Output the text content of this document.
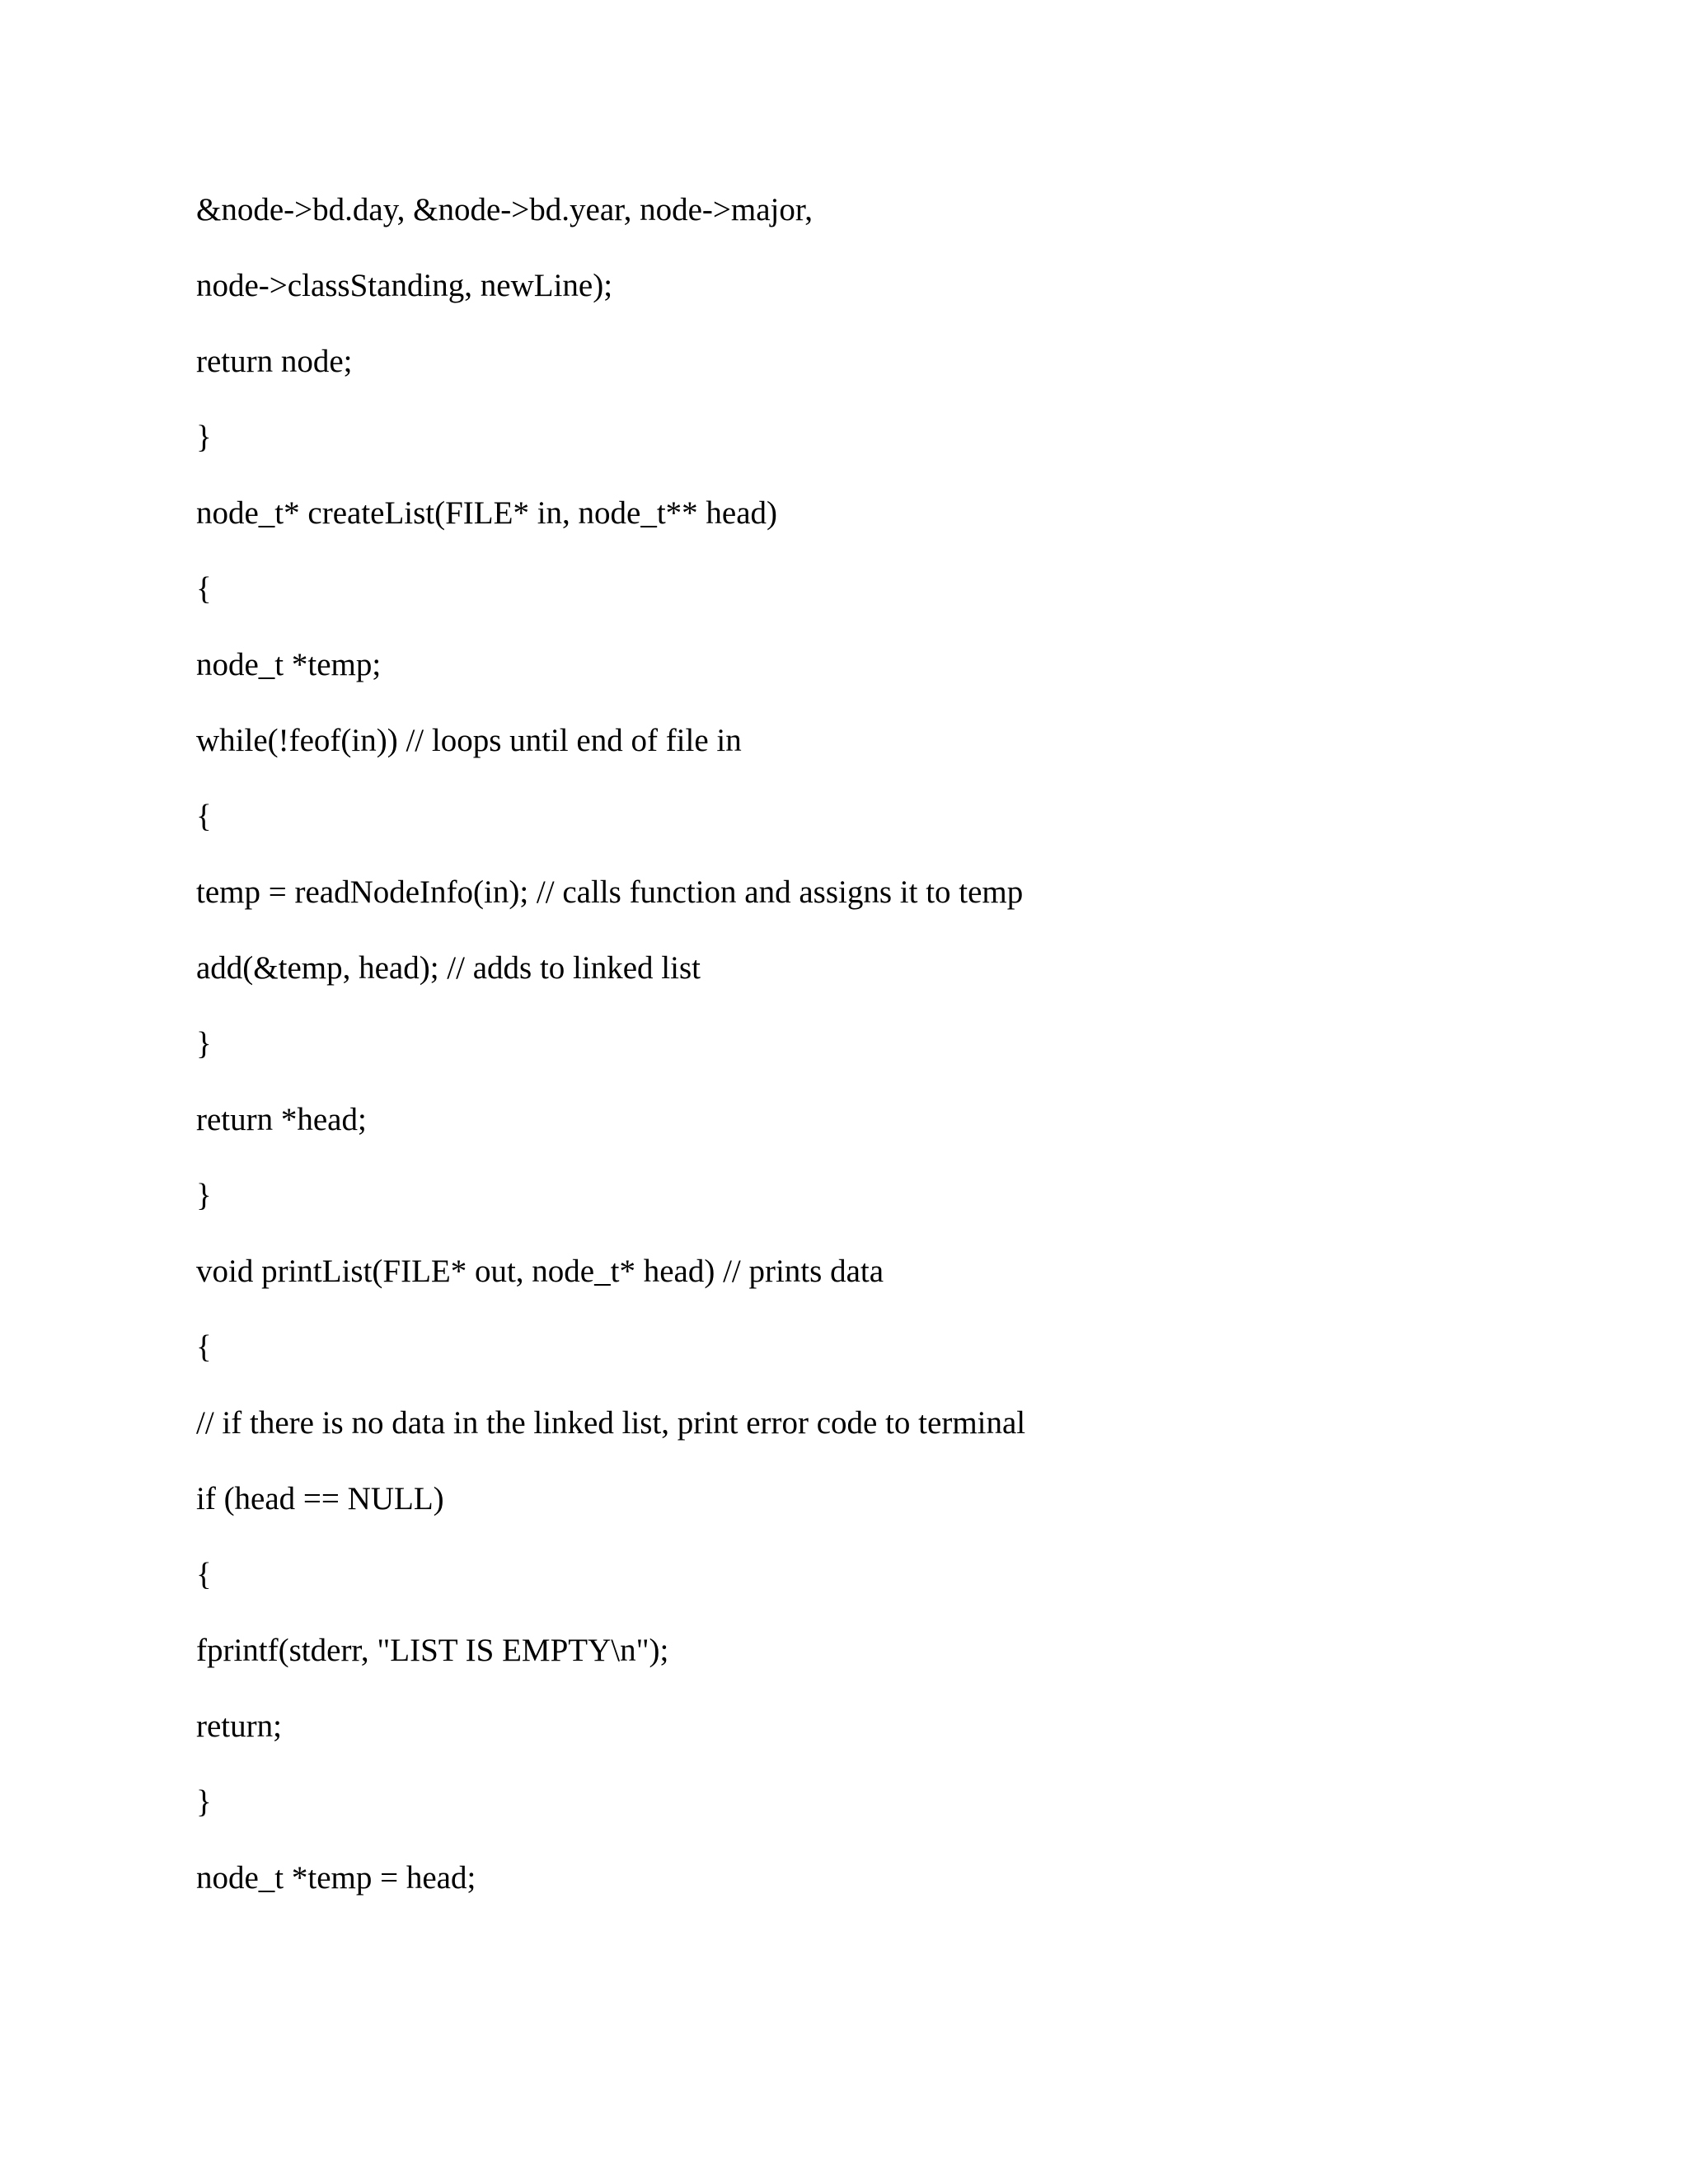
&node->bd.day, &node->bd.year, node->major,
node->classStanding, newLine);
return node;
}
node_t* createList(FILE* in, node_t** head)
{
node_t *temp;
while(!feof(in)) // loops until end of file in
{
temp = readNodeInfo(in); // calls function and assigns it to temp
add(&temp, head); // adds to linked list
}
return *head;
}
void printList(FILE* out, node_t* head) // prints data
{
// if there is no data in the linked list, print error code to terminal
if (head == NULL)
{
fprintf(stderr, "LIST IS EMPTY\n");
return;
}
node_t *temp = head;
